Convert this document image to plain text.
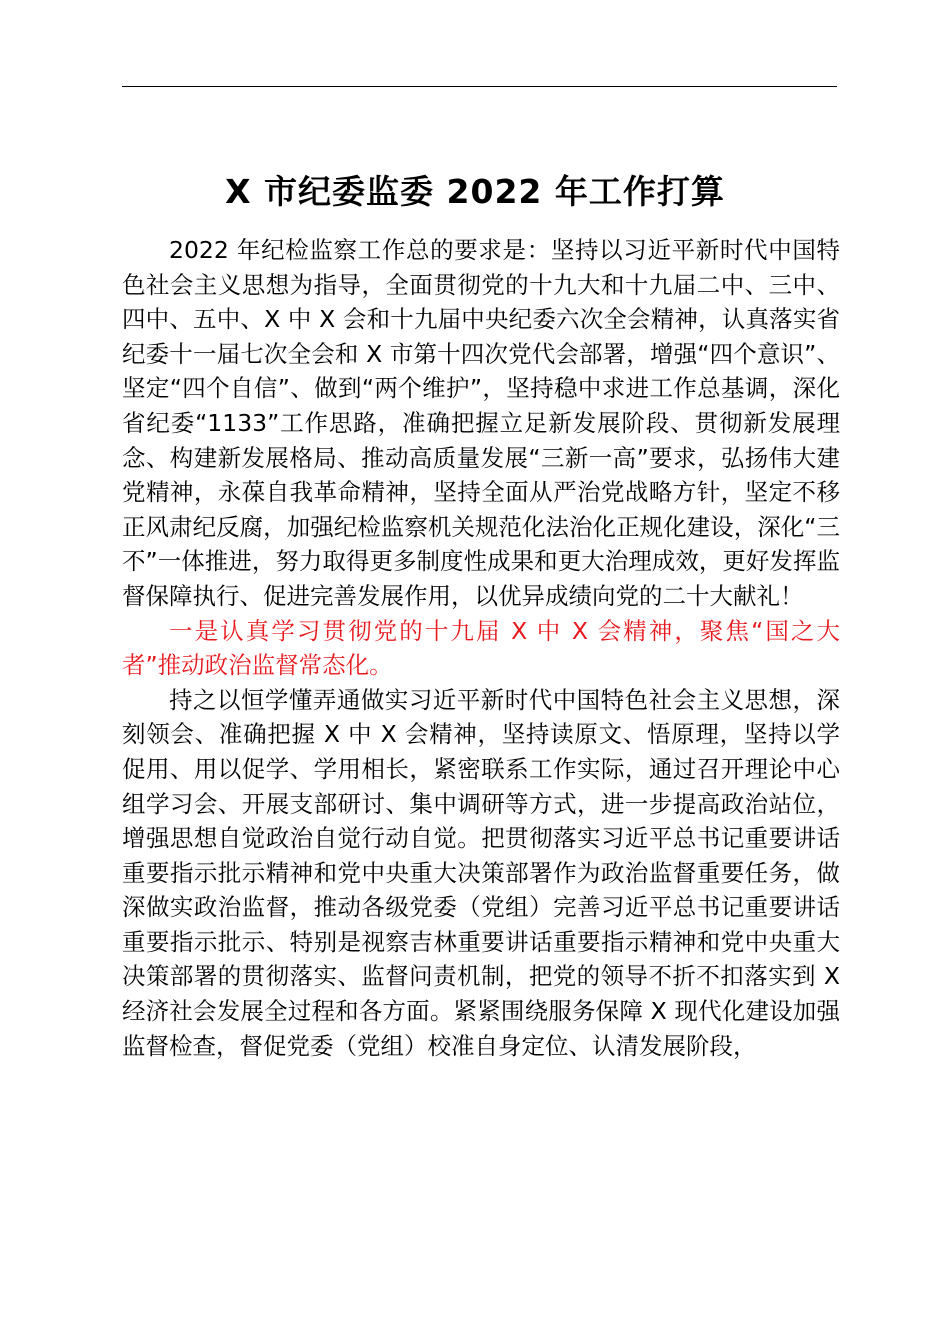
X 市纪委监委 2022 年工作打算

2022 年纪检监察工作总的要求是：坚持以习近平新时代中国特色社会主义思想为指导，全面贯彻党的十九大和十九届二中、三中、四中、五中、X 中 X 会和十九届中央纪委六次全会精神，认真落实省纪委十一届七次全会和 X 市第十四次党代会部署，增强“四个意识”、坚定“四个自信”、做到“两个维护”，坚持稳中求进工作总基调，深化省纪委“1133”工作思路，准确把握立足新发展阶段、贯彻新发展理念、构建新发展格局、推动高质量发展“三新一高”要求，弘扬伟大建党精神，永葆自我革命精神，坚持全面从严治党战略方针，坚定不移正风肃纪反腐，加强纪检监察机关规范化法治化正规化建设，深化“三不”一体推进，努力取得更多制度性成果和更大治理成效，更好发挥监督保障执行、促进完善发展作用，以优异成绩向党的二十大献礼！

一是认真学习贯彻党的十九届 X 中 X 会精神，聚焦“国之大者”推动政治监督常态化。

持之以恒学懂弄通做实习近平新时代中国特色社会主义思想，深刻领会、准确把握 X 中 X 会精神，坚持读原文、悟原理，坚持以学促用、用以促学、学用相长，紧密联系工作实际，通过召开理论中心组学习会、开展支部研讨、集中调研等方式，进一步提高政治站位，增强思想自觉政治自觉行动自觉。把贯彻落实习近平总书记重要讲话重要指示批示精神和党中央重大决策部署作为政治监督重要任务，做深做实政治监督，推动各级党委（党组）完善习近平总书记重要讲话重要指示批示、特别是视察吉林重要讲话重要指示精神和党中央重大决策部署的贯彻落实、监督问责机制，把党的领导不折不扣落实到 X 经济社会发展全过程和各方面。紧紧围绕服务保障 X 现代化建设加强监督检查，督促党委（党组）校准自身定位、认清发展阶段，
